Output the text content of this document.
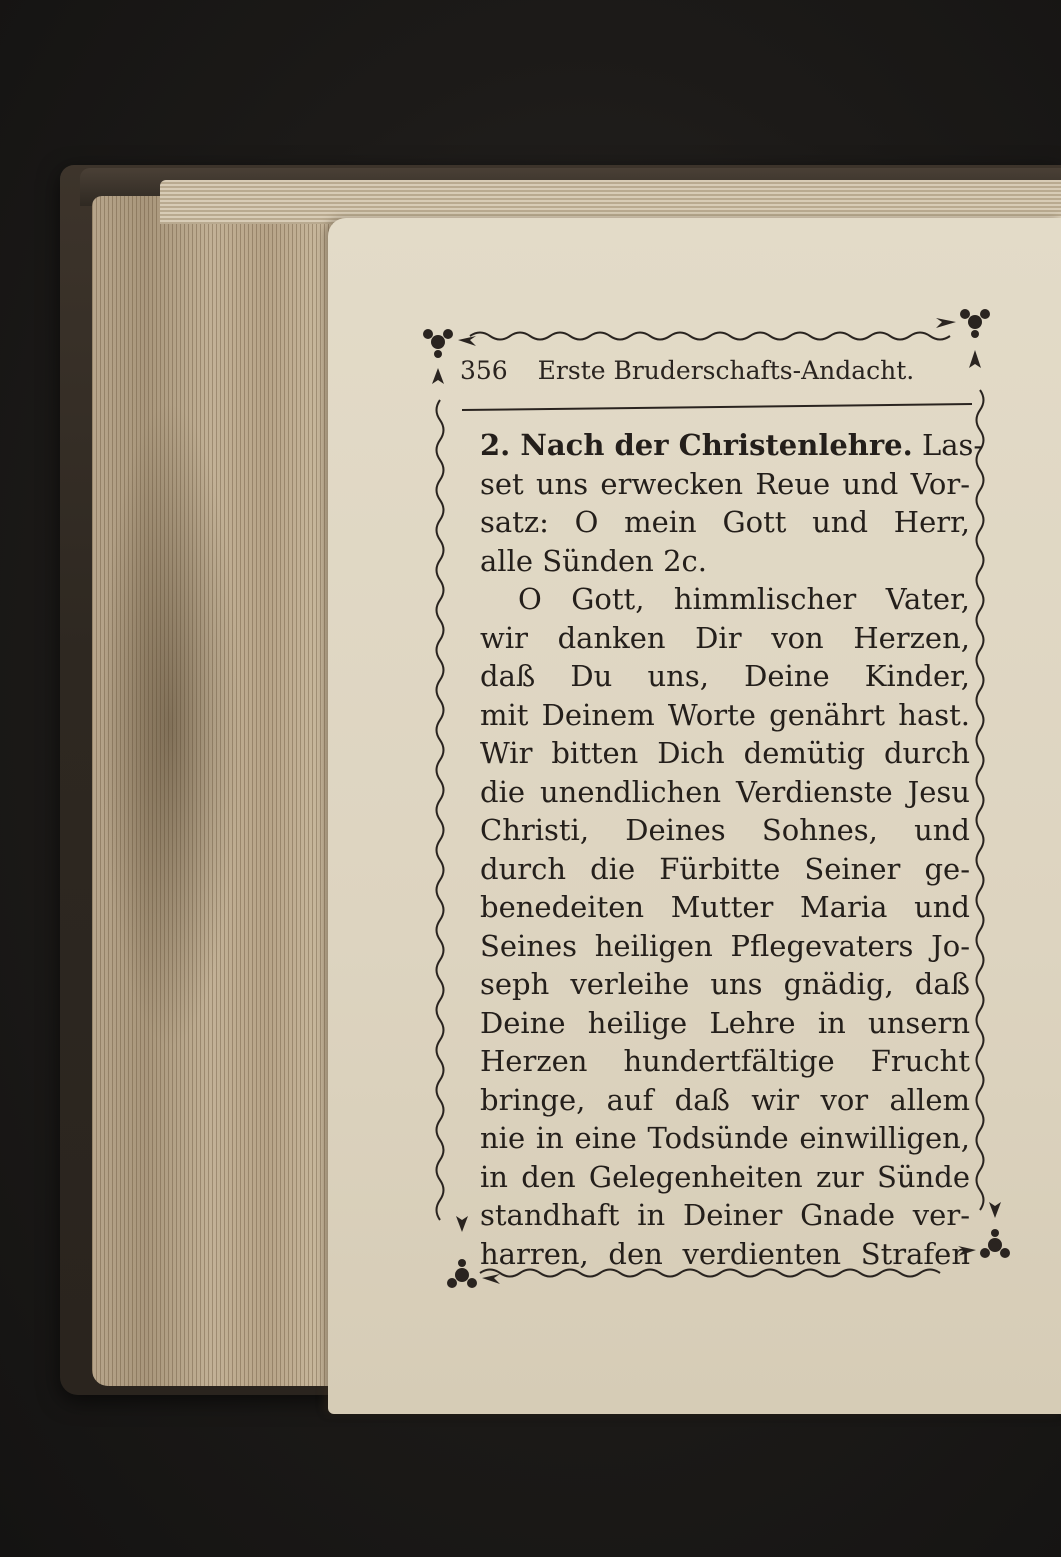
356 Erste Bruderschafts-Andacht.
2. Nach der Christenlehre. Las-
set uns erwecken Reue und Vor-
satz: O mein Gott und Herr,
alle Sünden 2c.
O Gott, himmlischer Vater,
wir danken Dir von Herzen,
daß Du uns, Deine Kinder,
mit Deinem Worte genährt hast.
Wir bitten Dich demütig durch
die unendlichen Verdienste Jesu
Christi, Deines Sohnes, und
durch die Fürbitte Seiner ge-
benedeiten Mutter Maria und
Seines heiligen Pflegevaters Jo-
seph verleihe uns gnädig, daß
Deine heilige Lehre in unsern
Herzen hundertfältige Frucht
bringe, auf daß wir vor allem
nie in eine Todsünde einwilligen,
in den Gelegenheiten zur Sünde
standhaft in Deiner Gnade ver-
harren, den verdienten Strafen
